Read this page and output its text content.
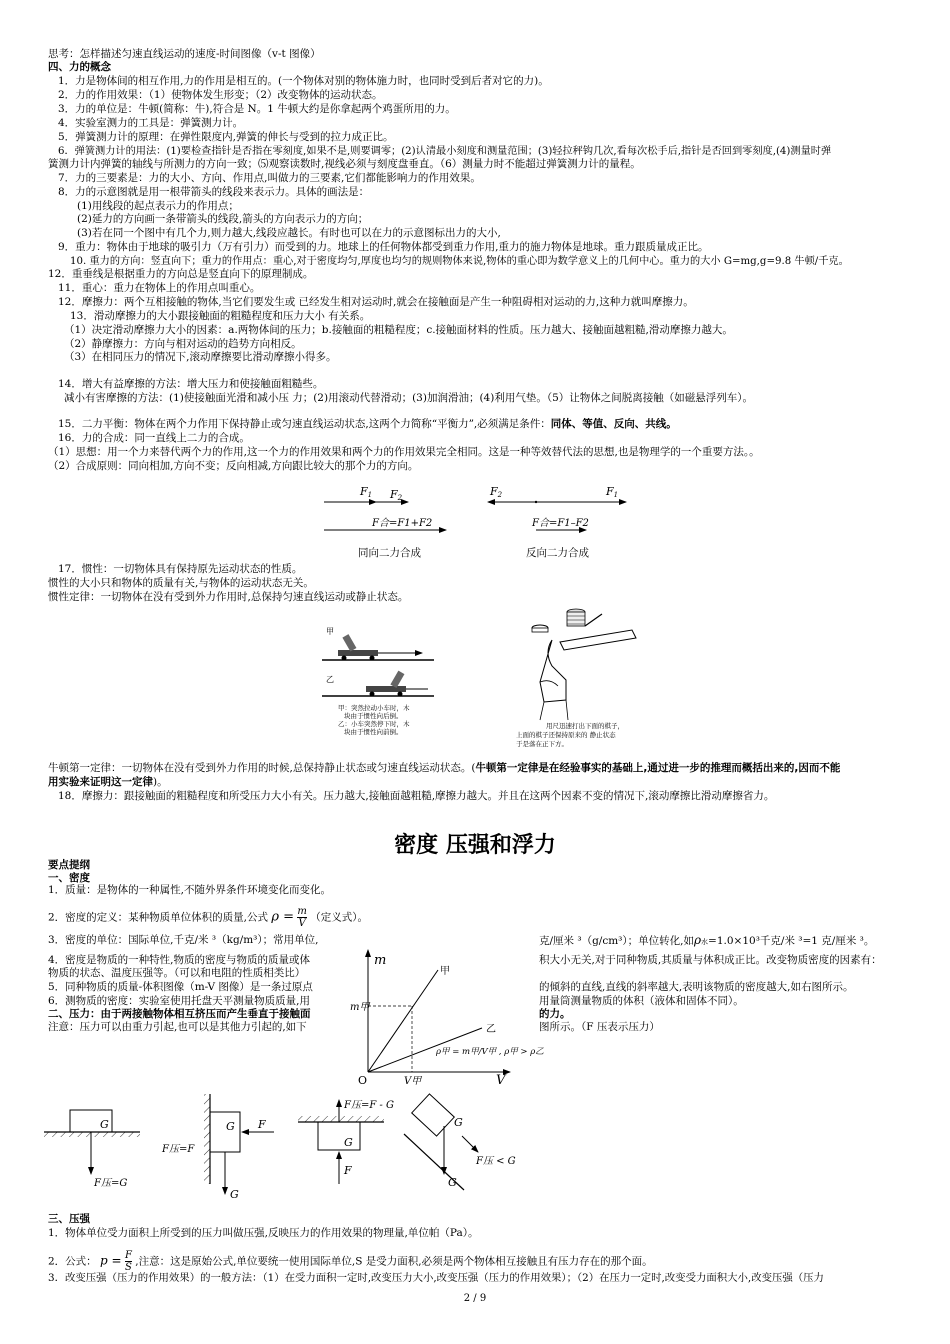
思考：怎样描述匀速直线运动的速度-时间图像（v-t 图像）
四、力的概念
1．力是物体间的相互作用,力的作用是相互的。(一个物体对别的物体施力时，也同时受到后者对它的力)。
2．力的作用效果：（1）使物体发生形变；（2）改变物体的运动状态。
3．力的单位是：牛顿(简称：牛),符合是 N。1 牛顿大约是你拿起两个鸡蛋所用的力。
4．实验室测力的工具是：弹簧测力计。
5．弹簧测力计的原理：在弹性限度内,弹簧的伸长与受到的拉力成正比。
6．弹簧测力计的用法：(1)要检查指针是否指在零刻度,如果不是,则要调零；(2)认清最小刻度和测量范围；(3)轻拉秤钩几次,看每次松手后,指针是否回到零刻度,(4)测量时弹
簧测力计内弹簧的轴线与所测力的方向一致；⑸观察读数时,视线必须与刻度盘垂直。（6）测量力时不能超过弹簧测力计的量程。
7．力的三要素是：力的大小、方向、作用点,叫做力的三要素,它们都能影响力的作用效果。
8．力的示意图就是用一根带箭头的线段来表示力。具体的画法是：
(1)用线段的起点表示力的作用点；
(2)延力的方向画一条带箭头的线段,箭头的方向表示力的方向；
(3)若在同一个图中有几个力,则力越大,线段应越长。有时也可以在力的示意图标出力的大小,
9．重力：物体由于地球的吸引力（万有引力）而受到的力。地球上的任何物体都受到重力作用,重力的施力物体是地球。重力跟质量成正比。
10. 重力的方向：竖直向下；重力的作用点：重心,对于密度均匀,厚度也均匀的规则物体来说,物体的重心即为数学意义上的几何中心。重力的大小 G=mg,g=9.8 牛顿/千克。
12．重垂线是根据重力的方向总是竖直向下的原理制成。
11．重心：重力在物体上的作用点叫重心。
12．摩擦力：两个互相接触的物体,当它们要发生或 已经发生相对运动时,就会在接触面是产生一种阻碍相对运动的力,这种力就叫摩擦力。
13．滑动摩擦力的大小跟接触面的粗糙程度和压力大小 有关系。
（1）决定滑动摩擦力大小的因素：a.两物体间的压力；b.接触面的粗糙程度；c.接触面材料的性质。压力越大、接触面越粗糙,滑动摩擦力越大。
（2）静摩擦力：方向与相对运动的趋势方向相反。
（3）在相同压力的情况下,滚动摩擦要比滑动摩擦小得多。
14．增大有益摩擦的方法：增大压力和使接触面粗糙些。
减小有害摩擦的方法：(1)使接触面光滑和减小压 力；(2)用滚动代替滑动；(3)加润滑油；(4)利用气垫。（5）让物体之间脱离接触（如磁悬浮列车）。
15．二力平衡：物体在两个力作用下保持静止或匀速直线运动状态,这两个力简称“平衡力”,必须满足条件：同体、等值、反向、共线。
16．力的合成：同一直线上二力的合成。
（1）思想：用一个力来替代两个力的作用,这一个力的作用效果和两个力的作用效果完全相同。这是一种等效替代法的思想,也是物理学的一个重要方法。。
（2）合成原则：同向相加,方向不变；反向相减,方向跟比较大的那个力的方向。
F1 F2
F合=F1+F2
同向二力合成
F2	F1
F合=F1–F2
反向二力合成
17．惯性：一切物体具有保持原先运动状态的性质。
惯性的大小只和物体的质量有关,与物体的运动状态无关。
惯性定律：一切物体在没有受到外力作用时,总保持匀速直线运动或静止状态。
甲
乙
甲：突然拉动小车时，木
块由于惯性向后倒。
乙：小车突然停下时，木
块由于惯性向前倒。
用尺迅速打出下面的棋子，
上面的棋子还保持原来的 静止状态
于是落在正下方。
牛顿第一定律：一切物体在没有受到外力作用的时候,总保持静止状态或匀速直线运动状态。(牛顿第一定律是在经验事实的基础上,通过进一步的推理而概括出来的,因而不能
用实验来证明这一定律)。
18．摩擦力：跟接触面的粗糙程度和所受压力大小有关。压力越大,接触面越粗糙,摩擦力越大。并且在这两个因素不变的情况下,滚动摩擦比滑动摩擦省力。
密度 压强和浮力
要点提纲
一、密度
1．质量：是物体的一种属性,不随外界条件环境变化而变化。
2．密度的定义：某种物质单位体积的质量,公式 $\rho = \frac{m}{V}$ （定义式）。
3．密度的单位：国际单位,千克/米 ³（kg/m³）；常用单位,	克/厘米 ³（g/cm³）；单位转化,如ρ水=1.0×10³千克/米 ³=1 克/厘米 ³。
4．密度是物质的一种特性,物质的密度与物质的质量或体	积大小无关,对于同种物质,其质量与体积成正比。改变物质密度的因素有：
物质的状态、温度压强等。（可以和电阻的性质相类比）
5．同种物质的质量-体积图像（m-V 图像）是一条过原点	的倾斜的直线,直线的斜率越大,表明该物质的密度越大,如右图所示。
6．测物质的密度：实验室使用托盘天平测量物质质量,用	用量筒测量物质的体积（液体和固体不同）。
二、压力：由于两接触物体相互挤压而产生垂直于接触面	的力。
注意：压力可以由重力引起,也可以是其他力引起的,如下	图所示。（F 压表示压力）
m
V
O
甲
乙
m甲
V甲
ρ甲 = m甲/V甲 , ρ甲 > ρ乙
G
F压=G
G F
G
F压=F
G
F
F压=F - G
G
G
F压 < G
三、压强
1．物体单位受力面积上所受到的压力叫做压强,反映压力的作用效果的物理量,单位帕（Pa）。
2．公式： $p = \frac{F}{S}$ ,注意：这是原始公式,单位要统一使用国际单位,S 是受力面积,必须是两个物体相互接触且有压力存在的那个面。
3．改变压强（压力的作用效果）的一般方法：（1）在受力面积一定时,改变压力大小,改变压强（压力的作用效果）；（2）在压力一定时,改变受力面积大小,改变压强（压力
2 / 9
